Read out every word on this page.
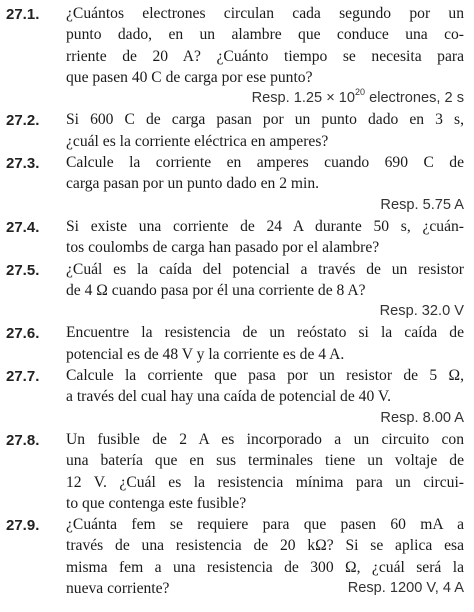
27.1.	¿Cuántos electrones circulan cada segundo por un
punto dado, en un alambre que conduce una co-
rriente de 20 A? ¿Cuánto tiempo se necesita para
que pasen 40 C de carga por ese punto?
Resp. $1.25 \times 10^{20}$ electrones, 2 s
27.2.	Si 600 C de carga pasan por un punto dado en 3 s,
¿cuál es la corriente eléctrica en amperes?
27.3.	Calcule la corriente en amperes cuando 690 C de
carga pasan por un punto dado en 2 min.
Resp. 5.75 A
27.4.	Si existe una corriente de 24 A durante 50 s, ¿cuán-
tos coulombs de carga han pasado por el alambre?
27.5.	¿Cuál es la caída del potencial a través de un resistor
de 4 Ω cuando pasa por él una corriente de 8 A?
Resp. 32.0 V
27.6.	Encuentre la resistencia de un reóstato si la caída de
potencial es de 48 V y la corriente es de 4 A.
27.7.	Calcule la corriente que pasa por un resistor de 5 Ω,
a través del cual hay una caída de potencial de 40 V.
Resp. 8.00 A
27.8.	Un fusible de 2 A es incorporado a un circuito con
una batería que en sus terminales tiene un voltaje de
12 V. ¿Cuál es la resistencia mínima para un circui-
to que contenga este fusible?
27.9.	¿Cuánta fem se requiere para que pasen 60 mA a
través de una resistencia de 20 kΩ? Si se aplica esa
misma fem a una resistencia de 300 Ω, ¿cuál será la
nueva corriente?	Resp. 1200 V, 4 A
